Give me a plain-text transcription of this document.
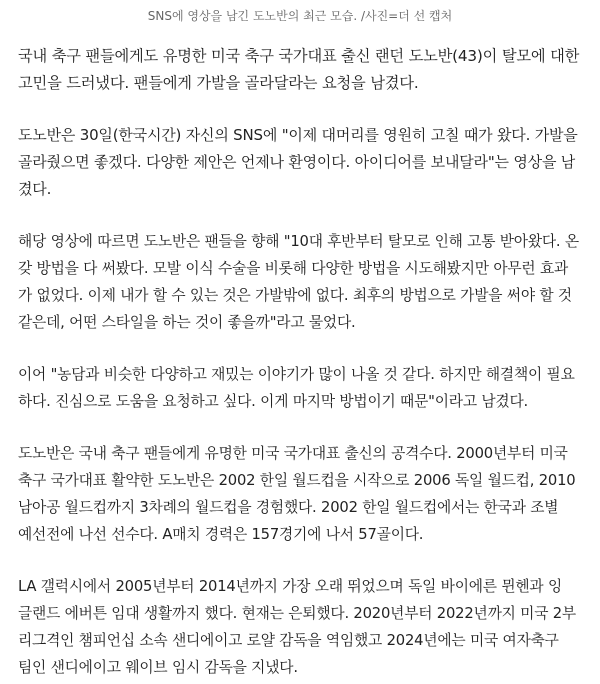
SNS에 영상을 남긴 도노반의 최근 모습. /사진=더 선 캡처

국내 축구 팬들에게도 유명한 미국 축구 국가대표 출신 랜던 도노반(43)이 탈모에 대한
고민을 드러냈다. 팬들에게 가발을 골라달라는 요청을 남겼다.

도노반은 30일(한국시간) 자신의 SNS에 "이제 대머리를 영원히 고칠 때가 왔다. 가발을
골라줬으면 좋겠다. 다양한 제안은 언제나 환영이다. 아이디어를 보내달라"는 영상을 남
겼다.

해당 영상에 따르면 도노반은 팬들을 향해 "10대 후반부터 탈모로 인해 고통 받아왔다. 온
갖 방법을 다 써봤다. 모발 이식 수술을 비롯해 다양한 방법을 시도해봤지만 아무런 효과
가 없었다. 이제 내가 할 수 있는 것은 가발밖에 없다. 최후의 방법으로 가발을 써야 할 것
같은데, 어떤 스타일을 하는 것이 좋을까"라고 물었다.

이어 "농담과 비슷한 다양하고 재밌는 이야기가 많이 나올 것 같다. 하지만 해결책이 필요
하다. 진심으로 도움을 요청하고 싶다. 이게 마지막 방법이기 때문"이라고 남겼다.

도노반은 국내 축구 팬들에게 유명한 미국 국가대표 출신의 공격수다. 2000년부터 미국
축구 국가대표 활약한 도노반은 2002 한일 월드컵을 시작으로 2006 독일 월드컵, 2010
남아공 월드컵까지 3차례의 월드컵을 경험했다. 2002 한일 월드컵에서는 한국과 조별
예선전에 나선 선수다. A매치 경력은 157경기에 나서 57골이다.

LA 갤럭시에서 2005년부터 2014년까지 가장 오래 뛰었으며 독일 바이에른 뮌헨과 잉
글랜드 에버튼 임대 생활까지 했다. 현재는 은퇴했다. 2020년부터 2022년까지 미국 2부
리그격인 챔피언십 소속 샌디에이고 로얄 감독을 역임했고 2024년에는 미국 여자축구
팀인 샌디에이고 웨이브 임시 감독을 지냈다.
